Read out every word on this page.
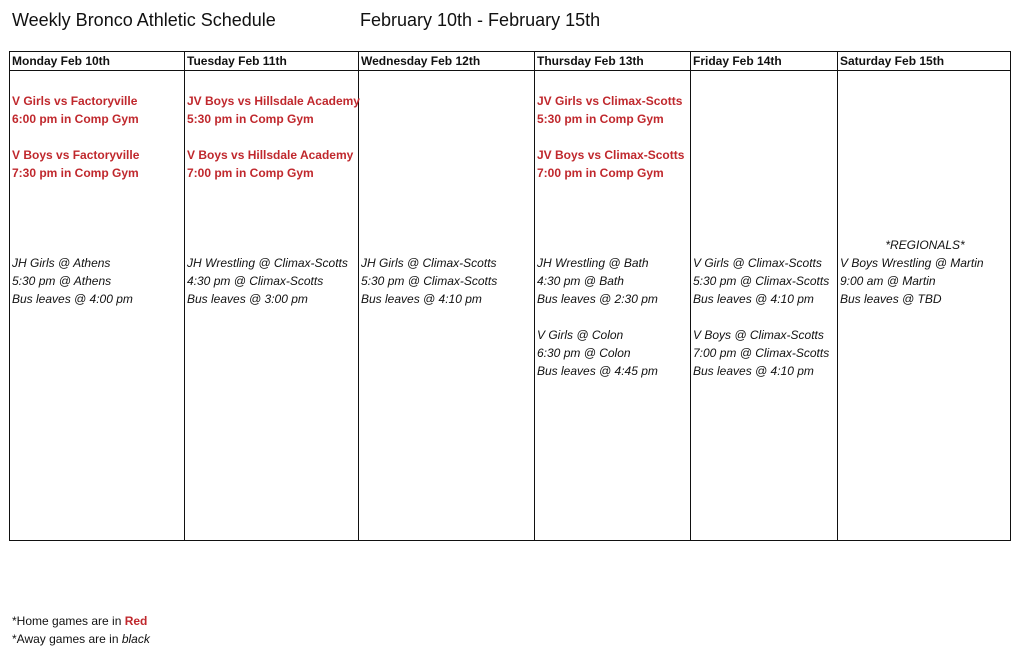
Weekly Bronco Athletic Schedule	February 10th - February 15th
Monday Feb 10th
V Girls vs Factoryville
6:00 pm in Comp Gym
V Boys vs Factoryville
7:30 pm in Comp Gym
JH Girls @ Athens
5:30 pm @ Athens
Bus leaves @ 4:00 pm
Tuesday Feb 11th
JV Boys vs Hillsdale Academy
5:30 pm in Comp Gym
V Boys vs Hillsdale Academy
7:00 pm in Comp Gym
JH Wrestling @ Climax-Scotts
4:30 pm @ Climax-Scotts
Bus leaves @ 3:00 pm
Wednesday Feb 12th
JH Girls @ Climax-Scotts
5:30 pm @ Climax-Scotts
Bus leaves @ 4:10 pm
Thursday Feb 13th
JV Girls vs Climax-Scotts
5:30 pm in Comp Gym
JV Boys vs Climax-Scotts
7:00 pm in Comp Gym
JH Wrestling @ Bath
4:30 pm @ Bath
Bus leaves @ 2:30 pm
V Girls @ Colon
6:30 pm @ Colon
Bus leaves @ 4:45 pm
Friday Feb 14th
V Girls @ Climax-Scotts
5:30 pm @ Climax-Scotts
Bus leaves @ 4:10 pm
V Boys @ Climax-Scotts
7:00 pm @ Climax-Scotts
Bus leaves @ 4:10 pm
Saturday Feb 15th
*REGIONALS*
V Boys Wrestling @ Martin
9:00 am @ Martin
Bus leaves @ TBD
*Home games are in Red
*Away games are in black
